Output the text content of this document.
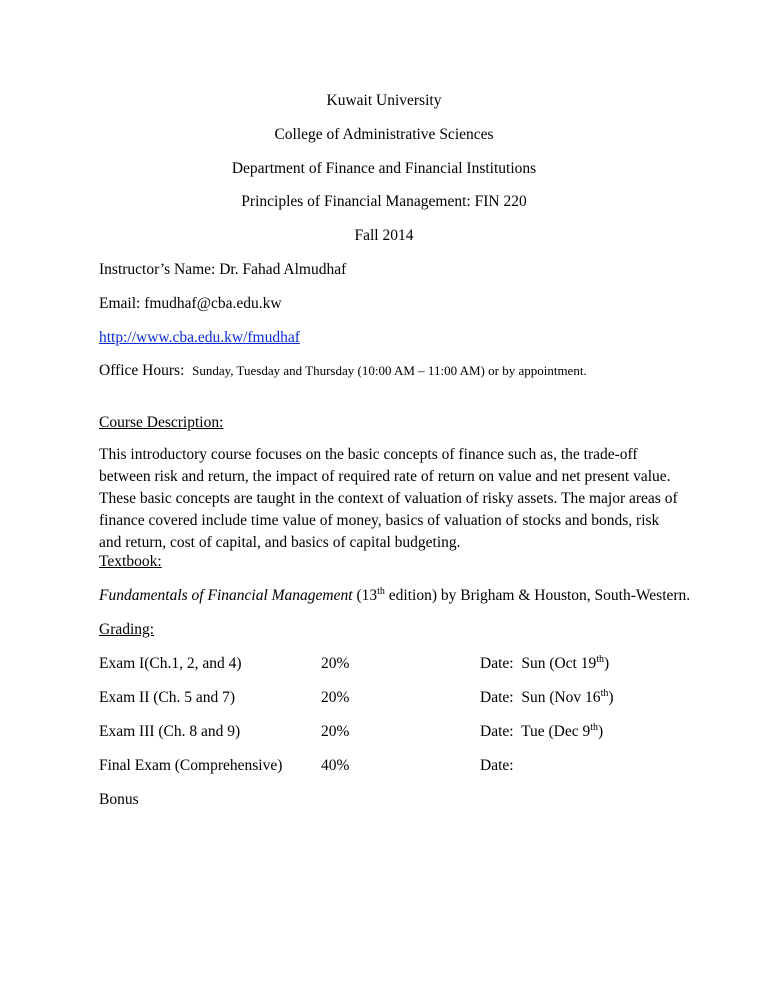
Kuwait University
College of Administrative Sciences
Department of Finance and Financial Institutions
Principles of Financial Management: FIN 220
Fall 2014
Instructor’s Name: Dr. Fahad Almudhaf
Email: fmudhaf@cba.edu.kw
http://www.cba.edu.kw/fmudhaf
Office Hours: Sunday, Tuesday and Thursday (10:00 AM – 11:00 AM) or by appointment.
Course Description:
This introductory course focuses on the basic concepts of finance such as, the trade-off between risk and return, the impact of required rate of return on value and net present value. These basic concepts are taught in the context of valuation of risky assets. The major areas of finance covered include time value of money, basics of valuation of stocks and bonds, risk and return, cost of capital, and basics of capital budgeting.
Textbook:
Fundamentals of Financial Management (13th edition) by Brigham & Houston, South-Western.
Grading:
Exam I(Ch.1, 2, and 4)	20%	Date: Sun (Oct 19th)
Exam II (Ch. 5 and 7)	20%	Date: Sun (Nov 16th)
Exam III (Ch. 8 and 9)	20%	Date: Tue (Dec 9th)
Final Exam (Comprehensive) 40%	Date:
Bonus
